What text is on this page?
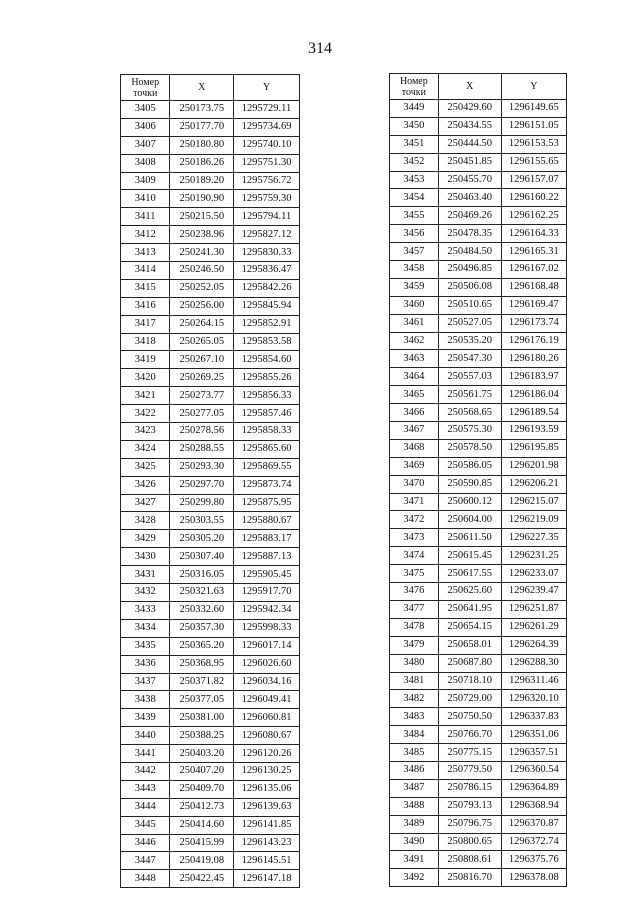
314
Номер
точки	X	Y
3405	250173.75	1295729.11
3406	250177.70	1295734.69
3407	250180.80	1295740.10
3408	250186.26	1295751.30
3409	250189.20	1295756.72
3410	250190.90	1295759.30
3411	250215.50	1295794.11
3412	250238.96	1295827.12
3413	250241.30	1295830.33
3414	250246.50	1295836.47
3415	250252.05	1295842.26
3416	250256.00	1295845.94
3417	250264.15	1295852.91
3418	250265.05	1295853.58
3419	250267.10	1295854.60
3420	250269.25	1295855.26
3421	250273.77	1295856.33
3422	250277.05	1295857.46
3423	250278.56	1295858.33
3424	250288.55	1295865.60
3425	250293.30	1295869.55
3426	250297.70	1295873.74
3427	250299.80	1295875.95
3428	250303.55	1295880.67
3429	250305.20	1295883.17
3430	250307.40	1295887.13
3431	250316.05	1295905.45
3432	250321.63	1295917.70
3433	250332.60	1295942.34
3434	250357.30	1295998.33
3435	250365.20	1296017.14
3436	250368.95	1296026.60
3437	250371.82	1296034.16
3438	250377.05	1296049.41
3439	250381.00	1296060.81
3440	250388.25	1296080.67
3441	250403.20	1296120.26
3442	250407.20	1296130.25
3443	250409.70	1296135.06
3444	250412.73	1296139.63
3445	250414.60	1296141.85
3446	250415.99	1296143.23
3447	250419.08	1296145.51
3448	250422.45	1296147.18
Номер
точки	X	Y
3449	250429.60	1296149.65
3450	250434.55	1296151.05
3451	250444.50	1296153.53
3452	250451.85	1296155.65
3453	250455.70	1296157.07
3454	250463.40	1296160.22
3455	250469.26	1296162.25
3456	250478.35	1296164.33
3457	250484.50	1296165.31
3458	250496.85	1296167.02
3459	250506.08	1296168.48
3460	250510.65	1296169.47
3461	250527.05	1296173.74
3462	250535.20	1296176.19
3463	250547.30	1296180.26
3464	250557.03	1296183.97
3465	250561.75	1296186.04
3466	250568.65	1296189.54
3467	250575.30	1296193.59
3468	250578.50	1296195.85
3469	250586.05	1296201.98
3470	250590.85	1296206.21
3471	250600.12	1296215.07
3472	250604.00	1296219.09
3473	250611.50	1296227.35
3474	250615.45	1296231.25
3475	250617.55	1296233.07
3476	250625.60	1296239.47
3477	250641.95	1296251.87
3478	250654.15	1296261.29
3479	250658.01	1296264.39
3480	250687.80	1296288.30
3481	250718.10	1296311.46
3482	250729.00	1296320.10
3483	250750.50	1296337.83
3484	250766.70	1296351.06
3485	250775.15	1296357.51
3486	250779.50	1296360.54
3487	250786.15	1296364.89
3488	250793.13	1296368.94
3489	250796.75	1296370.87
3490	250800.65	1296372.74
3491	250808.61	1296375.76
3492	250816.70	1296378.08
